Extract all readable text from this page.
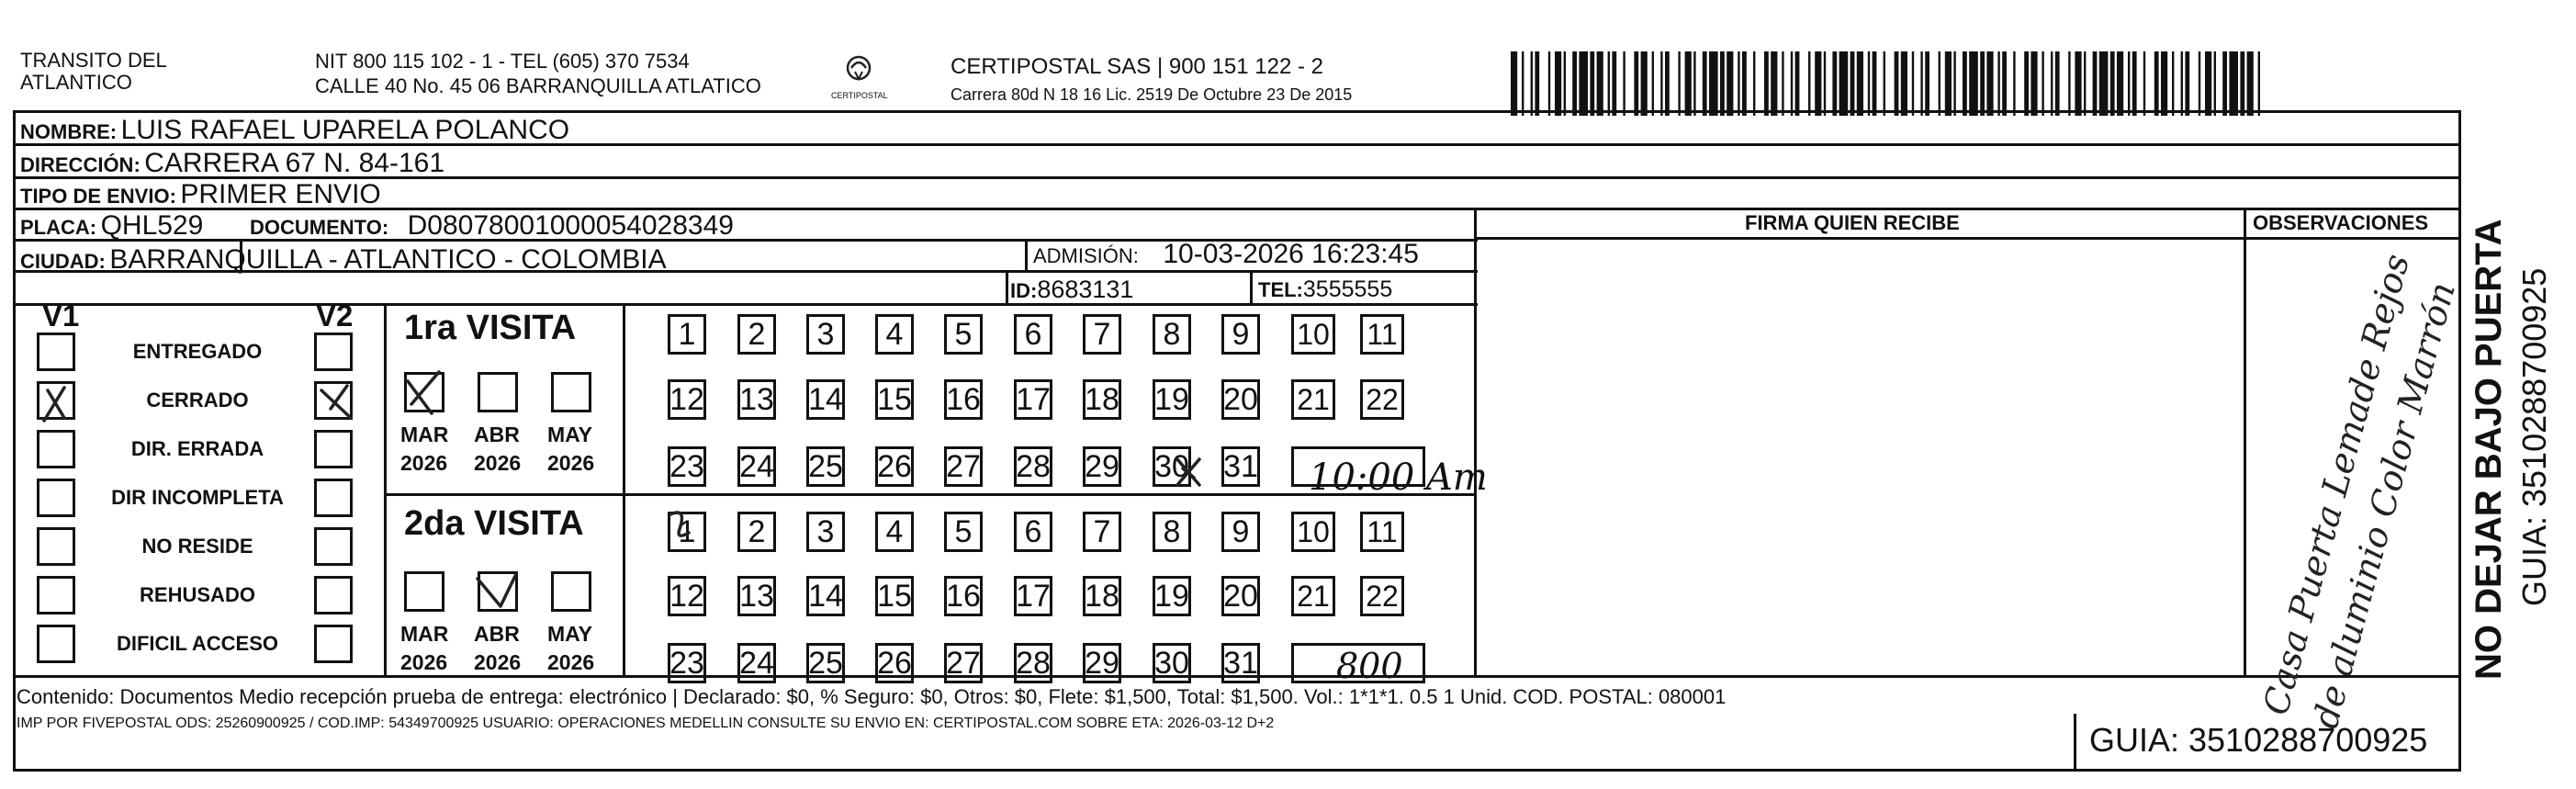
TRANSITO DEL ATLANTICO
NIT 800 115 102 - 1 - TEL (605) 370 7534
CALLE 40 No. 45 06 BARRANQUILLA ATLATICO	CERTIPOSTAL
CERTIPOSTAL SAS | 900 151 122 - 2
Carrera 80d N 18 16 Lic. 2519 De Octubre 23 De 2015
NOMBRE: LUIS RAFAEL UPARELA POLANCO
DIRECCIÓN: CARRERA 67 N. 84-161
TIPO DE ENVIO: PRIMER ENVIO
PLACA: QHL529 DOCUMENTO: D08078001000054028349
ADMISIÓN: 10-03-2026 16:23:45
CIUDAD: BARRANQUILLA - ATLANTICO - COLOMBIA
ID:8683131	TEL:3555555
FIRMA QUIEN RECIBE	OBSERVACIONES
V1	V2
ENTREGADO
CERRADO
DIR. ERRADA
DIR INCOMPLETA
NO RESIDE
REHUSADO
DIFICIL ACCESO
1ra VISITA
2da VISITA
MAR
2026
ABR
2026
MAY
2026
MAR
2026
ABR
2026
MAY
2026
1	2	3	4	5	6	7	8	9	10 11
12 13 14 15 16 17 18 19 20 21 22
23 24 25 26 27 28 29 30 31
1	2	3	4	5	6	7	8	9	10 11
12 13 14 15 16 17 18 19 20 21 22
23 24 25 26 27 28 29 30 31
10:00 Am
800	Casa Puerta Lemade Rejos de aluminio Color Marrón NO DEJAR BAJO PUERTA GUIA: 3510288700925
Contenido: Documentos Medio recepción prueba de entrega: electrónico | Declarado: $0, % Seguro: $0, Otros: $0, Flete: $1,500, Total: $1,500. Vol.: 1*1*1. 0.5 1 Unid. COD. POSTAL: 080001
IMP POR FIVEPOSTAL ODS: 25260900925 / COD.IMP: 54349700925 USUARIO: OPERACIONES MEDELLIN CONSULTE SU ENVIO EN: CERTIPOSTAL.COM SOBRE ETA: 2026-03-12 D+2	GUIA: 3510288700925
